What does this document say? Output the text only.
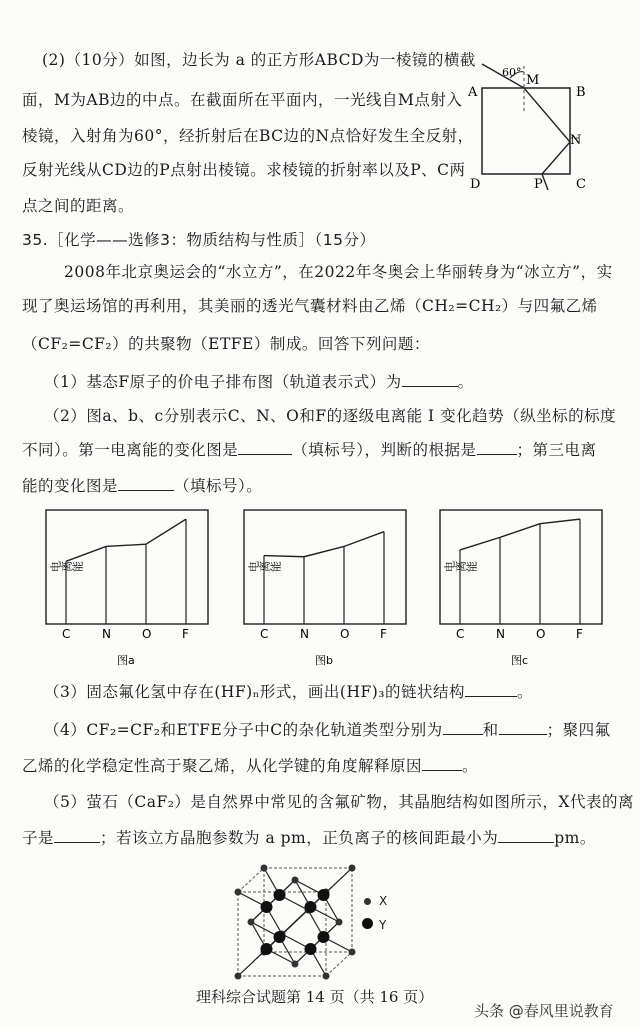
(2)（10分）如图，边长为 a 的正方形ABCD为一棱镜的横截
面，M为AB边的中点。在截面所在平面内，一光线自M点射入
棱镜，入射角为60°，经折射后在BC边的N点恰好发生全反射，
反射光线从CD边的P点射出棱镜。求棱镜的折射率以及P、C两
点之间的距离。
60°
A	B
C
D
M
N
P
35.［化学——选修3：物质结构与性质］（15分）
2008年北京奥运会的“水立方”，在2022年冬奥会上华丽转身为“冰立方”，实
现了奥运场馆的再利用，其美丽的透光气囊材料由乙烯（CH₂=CH₂）与四氟乙烯
（CF₂=CF₂）的共聚物（ETFE）制成。回答下列问题：
（1）基态F原子的价电子排布图（轨道表示式）为	。
（2）图a、b、c分别表示C、N、O和F的逐级电离能 I 变化趋势（纵坐标的标度
不同）。第一电离能的变化图是	（填标号），判断的根据是	；第三电离
能的变化图是	（填标号）。
C	N	O	F
电离能
图a
C	N	O	F
电离能
图b
C	N	O	F
电离能
图c
（3）固态氟化氢中存在(HF)ₙ形式，画出(HF)₃的链状结构	。
（4）CF₂=CF₂和ETFE分子中C的杂化轨道类型分别为	和	；聚四氟
乙烯的化学稳定性高于聚乙烯，从化学键的角度解释原因	。
（5）萤石（CaF₂）是自然界中常见的含氟矿物，其晶胞结构如图所示，X代表的离
子是	；若该立方晶胞参数为 a pm，正负离子的核间距最小为	pm。
X
Y
理科综合试题第 14 页（共 16 页）
头条 @春风里说教育
